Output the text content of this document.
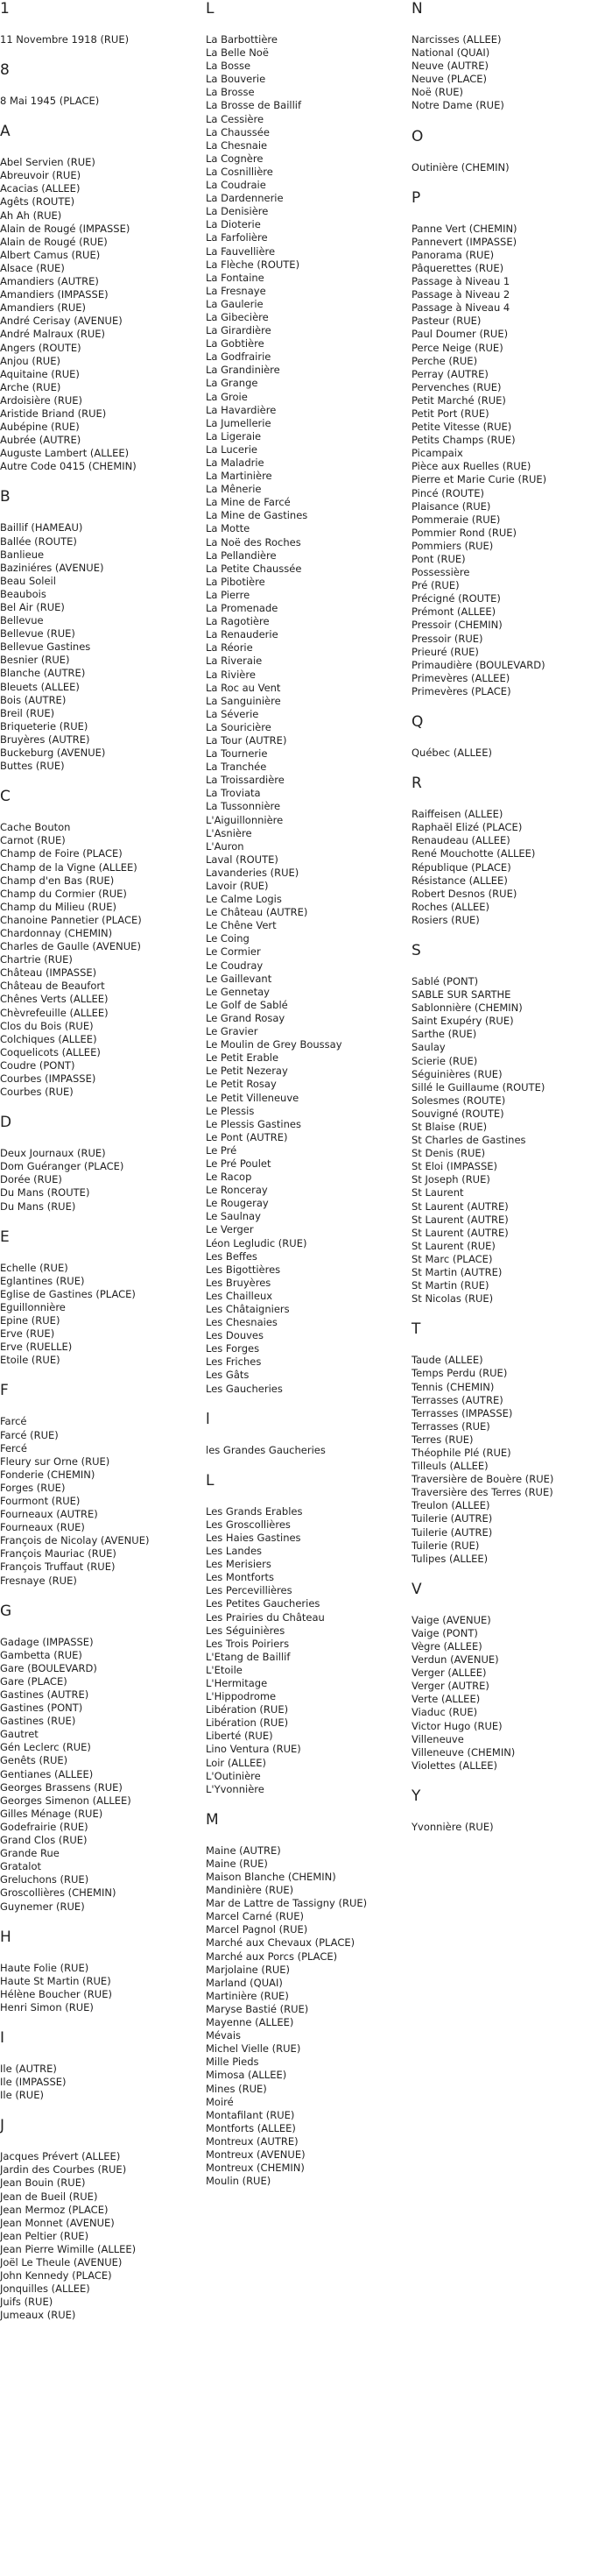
1
11 Novembre 1918 (RUE)
8
8 Mai 1945 (PLACE)
A
Abel Servien (RUE)
Abreuvoir (RUE)
Acacias (ALLEE)
Agêts (ROUTE)
Ah Ah (RUE)
Alain de Rougé (IMPASSE)
Alain de Rougé (RUE)
Albert Camus (RUE)
Alsace (RUE)
Amandiers (AUTRE)
Amandiers (IMPASSE)
Amandiers (RUE)
André Cerisay (AVENUE)
André Malraux (RUE)
Angers (ROUTE)
Anjou (RUE)
Aquitaine (RUE)
Arche (RUE)
Ardoisière (RUE)
Aristide Briand (RUE)
Aubépine (RUE)
Aubrée (AUTRE)
Auguste Lambert (ALLEE)
Autre Code 0415 (CHEMIN)
B
Baillif (HAMEAU)
Ballée (ROUTE)
Banlieue
Baziniéres (AVENUE)
Beau Soleil
Beaubois
Bel Air (RUE)
Bellevue
Bellevue (RUE)
Bellevue Gastines
Besnier (RUE)
Blanche (AUTRE)
Bleuets (ALLEE)
Bois (AUTRE)
Breil (RUE)
Briqueterie (RUE)
Bruyères (AUTRE)
Buckeburg (AVENUE)
Buttes (RUE)
C
Cache Bouton
Carnot (RUE)
Champ de Foire (PLACE)
Champ de la Vigne (ALLEE)
Champ d'en Bas (RUE)
Champ du Cormier (RUE)
Champ du Milieu (RUE)
Chanoine Pannetier (PLACE)
Chardonnay (CHEMIN)
Charles de Gaulle (AVENUE)
Chartrie (RUE)
Château (IMPASSE)
Château de Beaufort
Chênes Verts (ALLEE)
Chèvrefeuille (ALLEE)
Clos du Bois (RUE)
Colchiques (ALLEE)
Coquelicots (ALLEE)
Coudre (PONT)
Courbes (IMPASSE)
Courbes (RUE)
D
Deux Journaux (RUE)
Dom Guéranger (PLACE)
Dorée (RUE)
Du Mans (ROUTE)
Du Mans (RUE)
E
Echelle (RUE)
Eglantines (RUE)
Eglise de Gastines (PLACE)
Eguillonnière
Epine (RUE)
Erve (RUE)
Erve (RUELLE)
Etoile (RUE)
F
Farcé
Farcé (RUE)
Fercé
Fleury sur Orne (RUE)
Fonderie (CHEMIN)
Forges (RUE)
Fourmont (RUE)
Fourneaux (AUTRE)
Fourneaux (RUE)
François de Nicolay (AVENUE)
François Mauriac (RUE)
François Truffaut (RUE)
Fresnaye (RUE)
G
Gadage (IMPASSE)
Gambetta (RUE)
Gare (BOULEVARD)
Gare (PLACE)
Gastines (AUTRE)
Gastines (PONT)
Gastines (RUE)
Gautret
Gén Leclerc (RUE)
Genêts (RUE)
Gentianes (ALLEE)
Georges Brassens (RUE)
Georges Simenon (ALLEE)
Gilles Ménage (RUE)
Godefrairie (RUE)
Grand Clos (RUE)
Grande Rue
Gratalot
Greluchons (RUE)
Groscollières (CHEMIN)
Guynemer (RUE)
H
Haute Folie (RUE)
Haute St Martin (RUE)
Hélène Boucher (RUE)
Henri Simon (RUE)
I
Ile (AUTRE)
Ile (IMPASSE)
Ile (RUE)
J
Jacques Prévert (ALLEE)
Jardin des Courbes (RUE)
Jean Bouin (RUE)
Jean de Bueil (RUE)
Jean Mermoz (PLACE)
Jean Monnet (AVENUE)
Jean Peltier (RUE)
Jean Pierre Wimille (ALLEE)
Joël Le Theule (AVENUE)
John Kennedy (PLACE)
Jonquilles (ALLEE)
Juifs (RUE)
Jumeaux (RUE)
L
La Barbottière
La Belle Noë
La Bosse
La Bouverie
La Brosse
La Brosse de Baillif
La Cessière
La Chaussée
La Chesnaie
La Cognère
La Cosnillière
La Coudraie
La Dardennerie
La Denisière
La Dioterie
La Farfolière
La Fauvellière
La Flèche (ROUTE)
La Fontaine
La Fresnaye
La Gaulerie
La Gibecière
La Girardière
La Gobtière
La Godfrairie
La Grandinière
La Grange
La Groie
La Havardière
La Jumellerie
La Ligeraie
La Lucerie
La Maladrie
La Martinière
La Mênerie
La Mine de Farcé
La Mine de Gastines
La Motte
La Noë des Roches
La Pellandière
La Petite Chaussée
La Pibotière
La Pierre
La Promenade
La Ragotière
La Renauderie
La Réorie
La Riveraie
La Rivière
La Roc au Vent
La Sanguinière
La Séverie
La Souricière
La Tour (AUTRE)
La Tournerie
La Tranchée
La Troissardière
La Troviata
La Tussonnière
L'Aiguillonnière
L'Asnière
L'Auron
Laval (ROUTE)
Lavanderies (RUE)
Lavoir (RUE)
Le Calme Logis
Le Château (AUTRE)
Le Chêne Vert
Le Coing
Le Cormier
Le Coudray
Le Gaillevant
Le Gennetay
Le Golf de Sablé
Le Grand Rosay
Le Gravier
Le Moulin de Grey Boussay
Le Petit Erable
Le Petit Nezeray
Le Petit Rosay
Le Petit Villeneuve
Le Plessis
Le Plessis Gastines
Le Pont (AUTRE)
Le Pré
Le Pré Poulet
Le Racop
Le Ronceray
Le Rougeray
Le Saulnay
Le Verger
Léon Legludic (RUE)
Les Beffes
Les Bigottières
Les Bruyères
Les Chailleux
Les Châtaigniers
Les Chesnaies
Les Douves
Les Forges
Les Friches
Les Gâts
Les Gaucheries
l
les Grandes Gaucheries
L
Les Grands Erables
Les Groscollières
Les Haies Gastines
Les Landes
Les Merisiers
Les Montforts
Les Percevillières
Les Petites Gaucheries
Les Prairies du Château
Les Séguinières
Les Trois Poiriers
L'Etang de Baillif
L'Etoile
L'Hermitage
L'Hippodrome
Libération (RUE)
Libération (RUE)
Liberté (RUE)
Lino Ventura (RUE)
Loir (ALLEE)
L'Outinière
L'Yvonnière
M
Maine (AUTRE)
Maine (RUE)
Maison Blanche (CHEMIN)
Mandinière (RUE)
Mar de Lattre de Tassigny (RUE)
Marcel Carné (RUE)
Marcel Pagnol (RUE)
Marché aux Chevaux (PLACE)
Marché aux Porcs (PLACE)
Marjolaine (RUE)
Marland (QUAI)
Martinière (RUE)
Maryse Bastié (RUE)
Mayenne (ALLEE)
Mévais
Michel Vielle (RUE)
Mille Pieds
Mimosa (ALLEE)
Mines (RUE)
Moiré
Montafilant (RUE)
Montforts (ALLEE)
Montreux (AUTRE)
Montreux (AVENUE)
Montreux (CHEMIN)
Moulin (RUE)
N
Narcisses (ALLEE)
National (QUAI)
Neuve (AUTRE)
Neuve (PLACE)
Noë (RUE)
Notre Dame (RUE)
O
Outinière (CHEMIN)
P
Panne Vert (CHEMIN)
Pannevert (IMPASSE)
Panorama (RUE)
Pâquerettes (RUE)
Passage à Niveau 1
Passage à Niveau 2
Passage à Niveau 4
Pasteur (RUE)
Paul Doumer (RUE)
Perce Neige (RUE)
Perche (RUE)
Perray (AUTRE)
Pervenches (RUE)
Petit Marché (RUE)
Petit Port (RUE)
Petite Vitesse (RUE)
Petits Champs (RUE)
Picampaix
Pièce aux Ruelles (RUE)
Pierre et Marie Curie (RUE)
Pincé (ROUTE)
Plaisance (RUE)
Pommeraie (RUE)
Pommier Rond (RUE)
Pommiers (RUE)
Pont (RUE)
Possessière
Pré (RUE)
Précigné (ROUTE)
Prémont (ALLEE)
Pressoir (CHEMIN)
Pressoir (RUE)
Prieuré (RUE)
Primaudière (BOULEVARD)
Primevères (ALLEE)
Primevères (PLACE)
Q
Québec (ALLEE)
R
Raiffeisen (ALLEE)
Raphaël Elizé (PLACE)
Renaudeau (ALLEE)
René Mouchotte (ALLEE)
République (PLACE)
Résistance (ALLEE)
Robert Desnos (RUE)
Roches (ALLEE)
Rosiers (RUE)
S
Sablé (PONT)
SABLE SUR SARTHE
Sablonnière (CHEMIN)
Saint Exupéry (RUE)
Sarthe (RUE)
Saulay
Scierie (RUE)
Séguinières (RUE)
Sillé le Guillaume (ROUTE)
Solesmes (ROUTE)
Souvigné (ROUTE)
St Blaise (RUE)
St Charles de Gastines
St Denis (RUE)
St Eloi (IMPASSE)
St Joseph (RUE)
St Laurent
St Laurent (AUTRE)
St Laurent (AUTRE)
St Laurent (AUTRE)
St Laurent (RUE)
St Marc (PLACE)
St Martin (AUTRE)
St Martin (RUE)
St Nicolas (RUE)
T
Taude (ALLEE)
Temps Perdu (RUE)
Tennis (CHEMIN)
Terrasses (AUTRE)
Terrasses (IMPASSE)
Terrasses (RUE)
Terres (RUE)
Théophile Plé (RUE)
Tilleuls (ALLEE)
Traversière de Bouère (RUE)
Traversière des Terres (RUE)
Treulon (ALLEE)
Tuilerie (AUTRE)
Tuilerie (AUTRE)
Tuilerie (RUE)
Tulipes (ALLEE)
V
Vaige (AVENUE)
Vaige (PONT)
Vègre (ALLEE)
Verdun (AVENUE)
Verger (ALLEE)
Verger (AUTRE)
Verte (ALLEE)
Viaduc (RUE)
Victor Hugo (RUE)
Villeneuve
Villeneuve (CHEMIN)
Violettes (ALLEE)
Y
Yvonnière (RUE)
